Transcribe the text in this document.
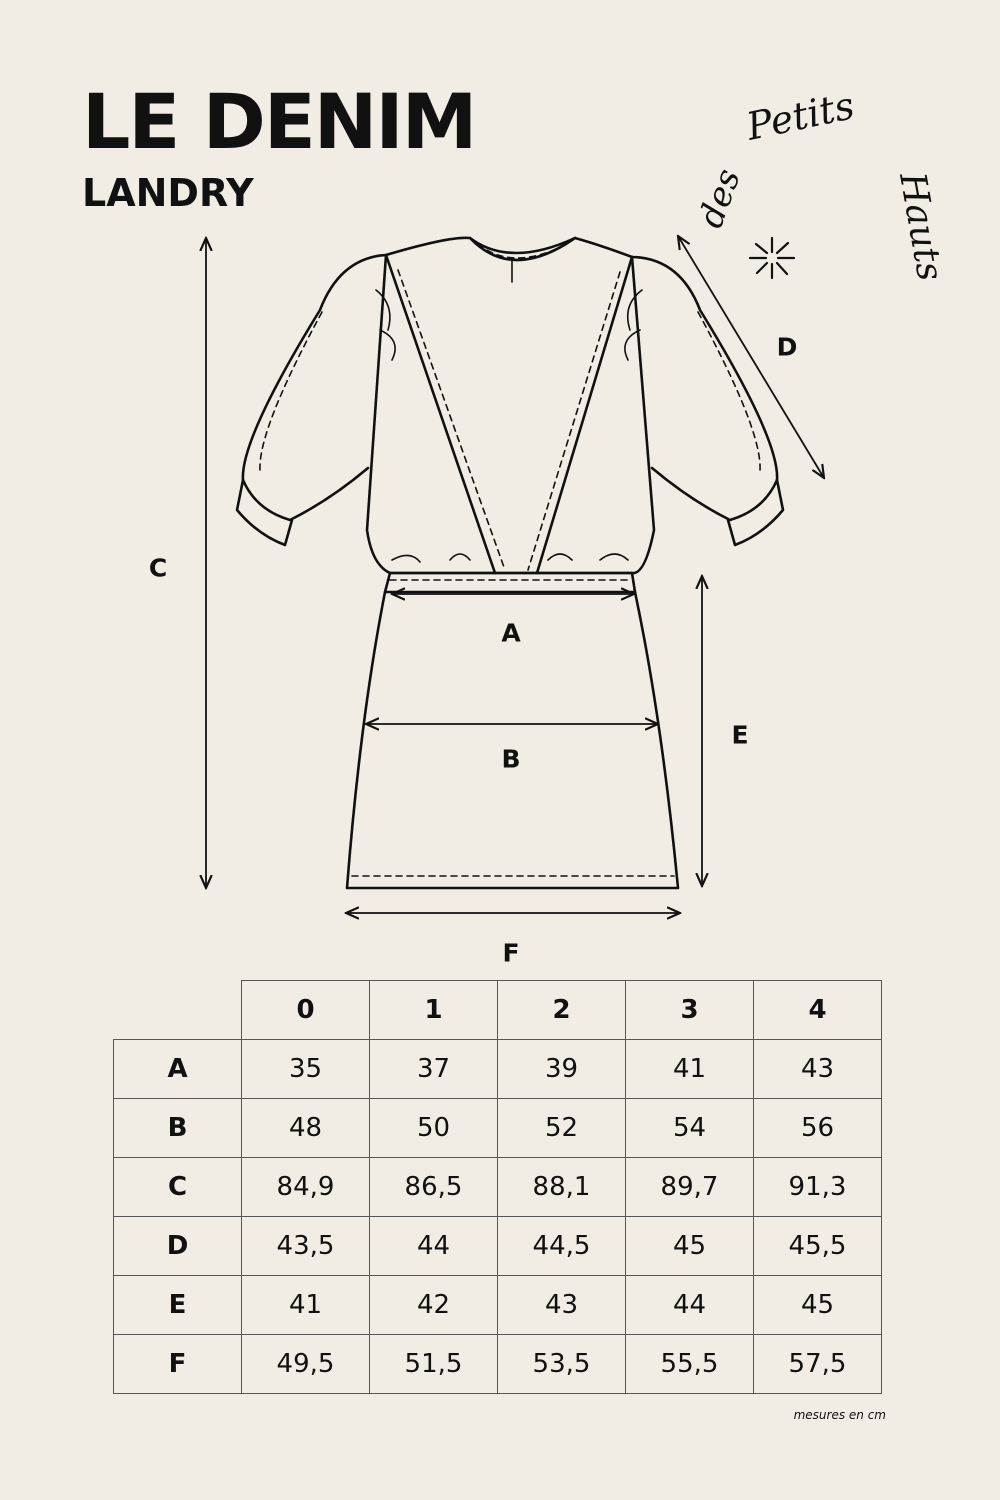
LE DENIM
LANDRY	des
Petits
Hauts
A
B
C
D
E
F
	0	1	2	3	4
A	35	37	39	41	43
B	48	50	52	54	56
C	84,9	86,5	88,1	89,7	91,3
D	43,5	44	44,5	45	45,5
E	41	42	43	44	45
F	49,5	51,5	53,5	55,5	57,5
mesures en cm
